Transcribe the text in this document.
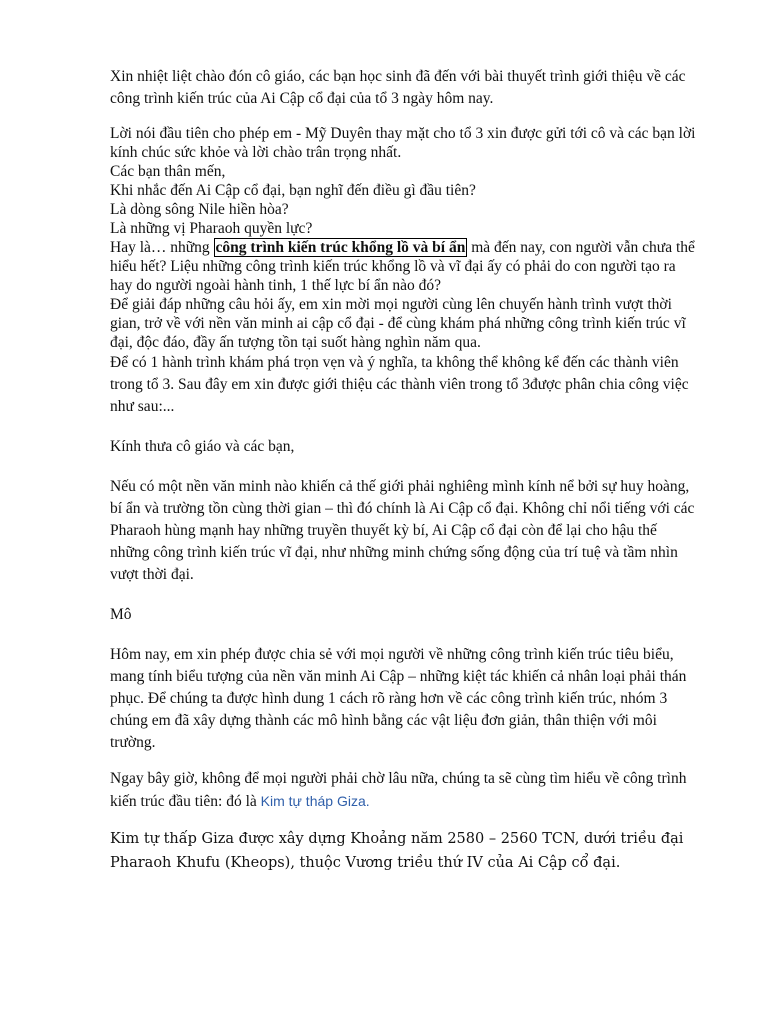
Xin nhiệt liệt chào đón cô giáo, các bạn học sinh đã đến với bài thuyết trình giới thiệu về các công trình kiến trúc của Ai Cập cổ đại của tổ 3 ngày hôm nay.

Lời nói đầu tiên cho phép em - Mỹ Duyên thay mặt cho tổ 3 xin được gửi tới cô và các bạn lời kính chúc sức khỏe và lời chào trân trọng nhất.
Các bạn thân mến,
Khi nhắc đến Ai Cập cổ đại, bạn nghĩ đến điều gì đầu tiên?
Là dòng sông Nile hiền hòa?
Là những vị Pharaoh quyền lực?
Hay là… những công trình kiến trúc khổng lồ và bí ẩn mà đến nay, con người vẫn chưa thể hiểu hết? Liệu những công trình kiến trúc khổng lồ và vĩ đại ấy có phải do con người tạo ra hay do người ngoài hành tinh, 1 thế lực bí ẩn nào đó?
Để giải đáp những câu hỏi ấy, em xin mời mọi người cùng lên chuyến hành trình vượt thời gian, trở về với nền văn minh ai cập cổ đại - để cùng khám phá những công trình kiến trúc vĩ đại, độc đáo, đầy ấn tượng tồn tại suốt hàng nghìn năm qua.

Để có 1 hành trình khám phá trọn vẹn và ý nghĩa, ta không thể không kể đến các thành viên trong tổ 3. Sau đây em xin được giới thiệu các thành viên trong tổ 3được phân chia công việc như sau:...

Kính thưa cô giáo và các bạn,

Nếu có một nền văn minh nào khiến cả thế giới phải nghiêng mình kính nể bởi sự huy hoàng, bí ẩn và trường tồn cùng thời gian – thì đó chính là Ai Cập cổ đại. Không chỉ nổi tiếng với các Pharaoh hùng mạnh hay những truyền thuyết kỳ bí, Ai Cập cổ đại còn để lại cho hậu thế những công trình kiến trúc vĩ đại, như những minh chứng sống động của trí tuệ và tầm nhìn vượt thời đại.

Mô

Hôm nay, em xin phép được chia sẻ với mọi người về những công trình kiến trúc tiêu biểu, mang tính biểu tượng của nền văn minh Ai Cập – những kiệt tác khiến cả nhân loại phải thán phục. Để chúng ta được hình dung 1 cách rõ ràng hơn về các công trình kiến trúc, nhóm 3 chúng em đã xây dựng thành các mô hình bằng các vật liệu đơn giản, thân thiện với môi trường.

Ngay bây giờ, không để mọi người phải chờ lâu nữa, chúng ta sẽ cùng tìm hiểu về công trình kiến trúc đầu tiên: đó là Kim tự tháp Giza.

Kim tự thấp Giza được xây dựng Khoảng năm 2580 – 2560 TCN, dưới triều đại Pharaoh Khufu (Kheops), thuộc Vương triều thứ IV của Ai Cập cổ đại.
